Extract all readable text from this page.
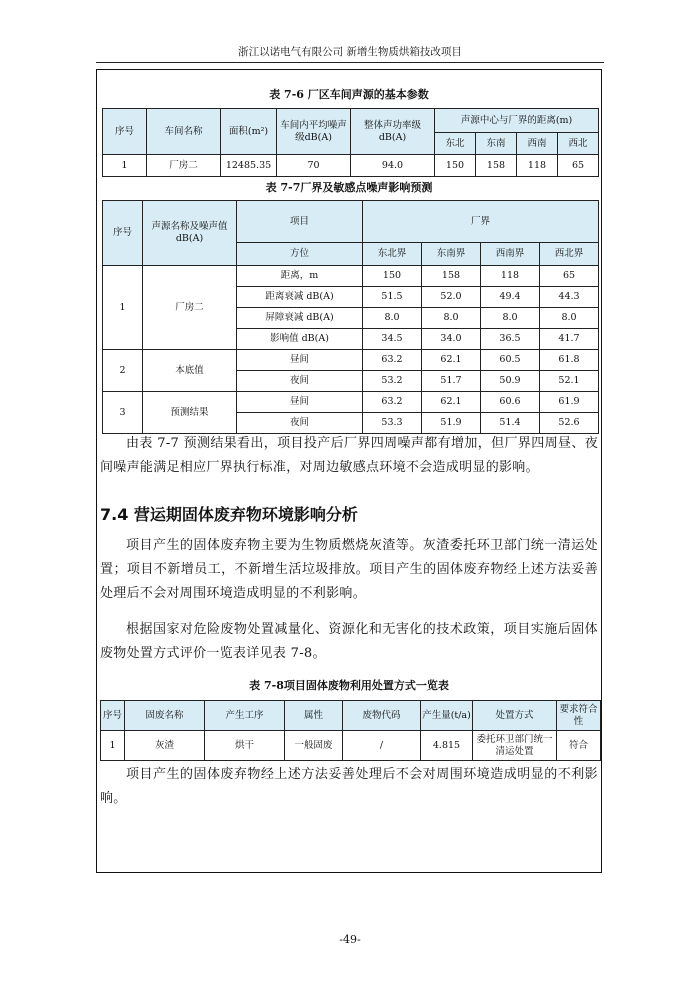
浙江以诺电气有限公司 新增生物质烘箱技改项目
表 7-6 厂区车间声源的基本参数
序号	车间名称	面积(m²)	车间内平均噪声级dB(A)	整体声功率级dB(A)	声源中心与厂界的距离(m)			
					东北	东南	西南	西北
1	厂房二	12485.35	70	94.0	150	158	118	65
表 7-7厂界及敏感点噪声影响预测
序号	声源名称及噪声值dB(A)	项目	厂界			
		方位	东北界	东南界	西南界	西北界
1	厂房二	距离，m	150	158	118	65
		距离衰减 dB(A)	51.5	52.0	49.4	44.3
		屏障衰减 dB(A)	8.0	8.0	8.0	8.0
		影响值 dB(A)	34.5	34.0	36.5	41.7
2	本底值	昼间	63.2	62.1	60.5	61.8
		夜间	53.2	51.7	50.9	52.1
3	预测结果	昼间	63.2	62.1	60.6	61.9
		夜间	53.3	51.9	51.4	52.6
由表 7-7 预测结果看出，项目投产后厂界四周噪声都有增加，但厂界四周昼、夜间噪声能满足相应厂界执行标准，对周边敏感点环境不会造成明显的影响。
7.4 营运期固体废弃物环境影响分析
项目产生的固体废弃物主要为生物质燃烧灰渣等。灰渣委托环卫部门统一清运处置；项目不新增员工，不新增生活垃圾排放。项目产生的固体废弃物经上述方法妥善处理后不会对周围环境造成明显的不利影响。
根据国家对危险废物处置减量化、资源化和无害化的技术政策，项目实施后固体废物处置方式评价一览表详见表 7-8。
表 7-8项目固体废物利用处置方式一览表
序号	固废名称	产生工序	属性	废物代码	产生量(t/a)	处置方式	要求符合性
1	灰渣	烘干	一般固废	/	4.815	委托环卫部门统一清运处置	符合
项目产生的固体废弃物经上述方法妥善处理后不会对周围环境造成明显的不利影响。
-49-
